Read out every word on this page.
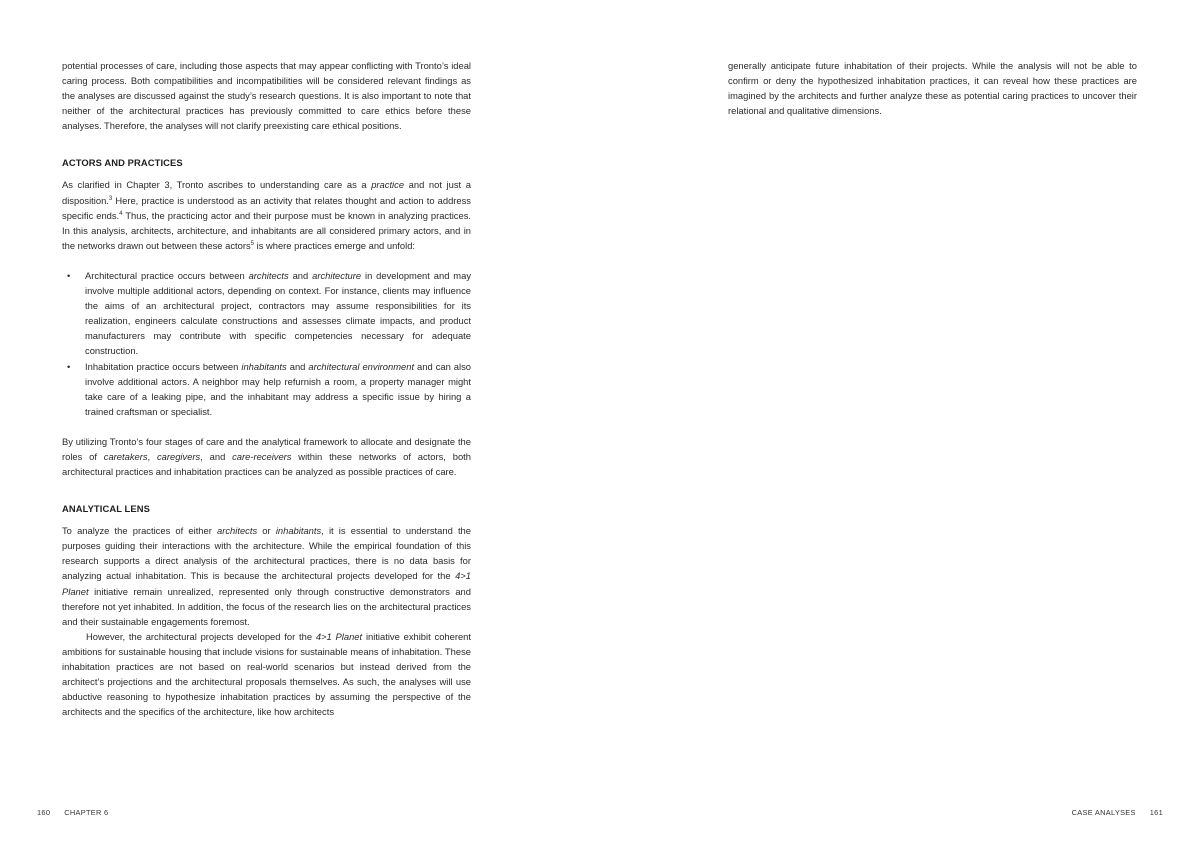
potential processes of care, including those aspects that may appear conflicting with Tronto’s ideal caring process. Both compatibilities and incompatibilities will be considered relevant findings as the analyses are discussed against the study’s research questions. It is also important to note that neither of the architectural practices has previously committed to care ethics before these analyses. Therefore, the analyses will not clarify preexisting care ethical positions.

ACTORS AND PRACTICES

As clarified in Chapter 3, Tronto ascribes to understanding care as a practice and not just a disposition.$^3$ Here, practice is understood as an activity that relates thought and action to address specific ends.$^4$ Thus, the practicing actor and their purpose must be known in analyzing practices. In this analysis, architects, architecture, and inhabitants are all considered primary actors, and in the networks drawn out between these actors$^5$ is where practices emerge and unfold:

• Architectural practice occurs between architects and architecture in development and may involve multiple additional actors, depending on context. For instance, clients may influence the aims of an architectural project, contractors may assume responsibilities for its realization, engineers calculate constructions and assesses climate impacts, and product manufacturers may contribute with specific competencies necessary for adequate construction.
• Inhabitation practice occurs between inhabitants and architectural environment and can also involve additional actors. A neighbor may help refurnish a room, a property manager might take care of a leaking pipe, and the inhabitant may address a specific issue by hiring a trained craftsman or specialist.

By utilizing Tronto’s four stages of care and the analytical framework to allocate and designate the roles of caretakers, caregivers, and care-receivers within these networks of actors, both architectural practices and inhabitation practices can be analyzed as possible practices of care.

ANALYTICAL LENS

To analyze the practices of either architects or inhabitants, it is essential to understand the purposes guiding their interactions with the architecture. While the empirical foundation of this research supports a direct analysis of the architectural practices, there is no data basis for analyzing actual inhabitation. This is because the architectural projects developed for the 4>1 Planet initiative remain unrealized, represented only through constructive demonstrators and therefore not yet inhabited. In addition, the focus of the research lies on the architectural practices and their sustainable engagements foremost.

However, the architectural projects developed for the 4>1 Planet initiative exhibit coherent ambitions for sustainable housing that include visions for sustainable means of inhabitation. These inhabitation practices are not based on real-world scenarios but instead derived from the architect’s projections and the architectural proposals themselves. As such, the analyses will use abductive reasoning to hypothesize inhabitation practices by assuming the perspective of the architects and the specifics of the architecture, like how architects

160 CHAPTER 6

generally anticipate future inhabitation of their projects. While the analysis will not be able to confirm or deny the hypothesized inhabitation practices, it can reveal how these practices are imagined by the architects and further analyze these as potential caring practices to uncover their relational and qualitative dimensions.

CASE ANALYSES 161
